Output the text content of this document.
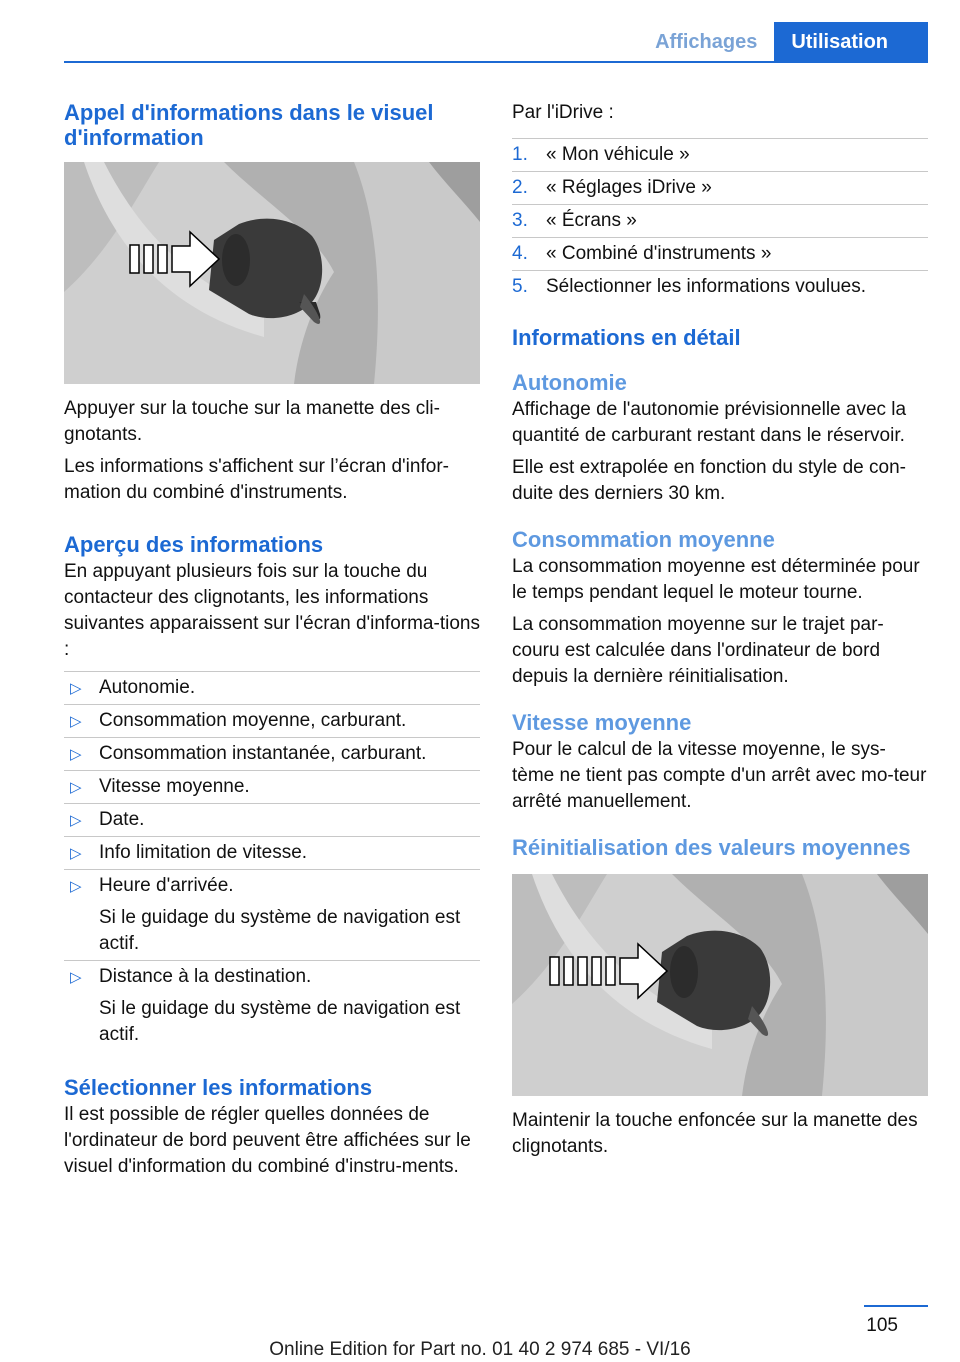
Affichages	Utilisation
Appel d'informations dans le visuel d'information
Appuyer sur la touche sur la manette des cli-gnotants.
Les informations s'affichent sur l’écran d'infor-mation du combiné d'instruments.
Aperçu des informations
En appuyant plusieurs fois sur la touche du contacteur des clignotants, les informations suivantes apparaissent sur l'écran d'informa-tions :
▷ Autonomie.
▷ Consommation moyenne, carburant.
▷ Consommation instantanée, carburant.
▷ Vitesse moyenne.
▷ Date.
▷ Info limitation de vitesse.
▷ Heure d'arrivée.
Si le guidage du système de navigation est actif.
▷ Distance à la destination.
Si le guidage du système de navigation est actif.
Sélectionner les informations
Il est possible de régler quelles données de l'ordinateur de bord peuvent être affichées sur le visuel d'information du combiné d'instru-ments.
Par l'iDrive :
1. « Mon véhicule »
2. « Réglages iDrive »
3. « Écrans »
4. « Combiné d'instruments »
5. Sélectionner les informations voulues.
Informations en détail
Autonomie
Affichage de l'autonomie prévisionnelle avec la quantité de carburant restant dans le réservoir.
Elle est extrapolée en fonction du style de con-duite des derniers 30 km.
Consommation moyenne
La consommation moyenne est déterminée pour le temps pendant lequel le moteur tourne.
La consommation moyenne sur le trajet par-couru est calculée dans l'ordinateur de bord depuis la dernière réinitialisation.
Vitesse moyenne
Pour le calcul de la vitesse moyenne, le sys-tème ne tient pas compte d'un arrêt avec mo-teur arrêté manuellement.
Réinitialisation des valeurs moyennes
Maintenir la touche enfoncée sur la manette des clignotants.
105
Online Edition for Part no. 01 40 2 974 685 - VI/16
